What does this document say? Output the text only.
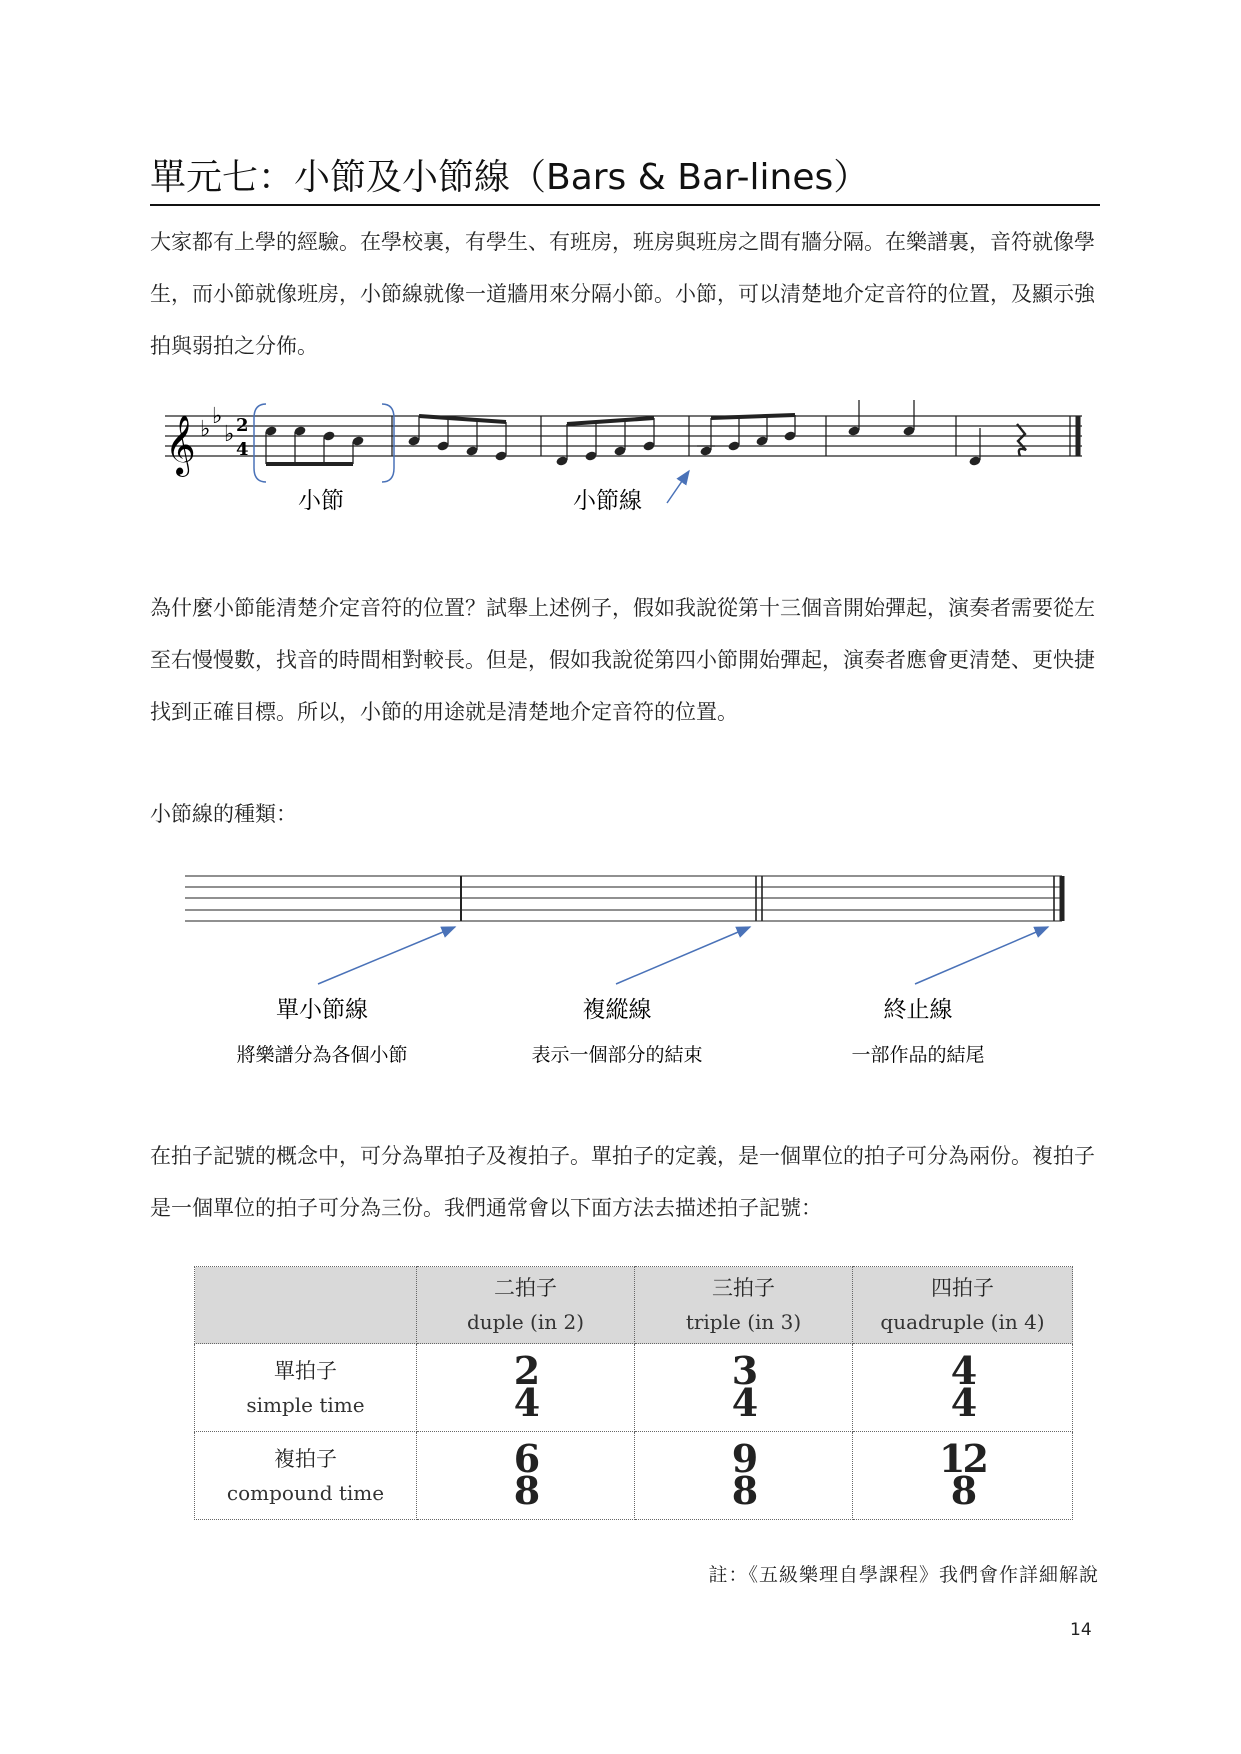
單元七：小節及小節線（Bars & Bar-lines）
大家都有上學的經驗。在學校裏，有學生、有班房，班房與班房之間有牆分隔。在樂譜裏，音符就像學生，而小節就像班房，小節線就像一道牆用來分隔小節。小節，可以清楚地介定音符的位置，及顯示強拍與弱拍之分佈。
𝄞 ♭
♭
♭ 2
4
小節	小節線
單小節線
將樂譜分為各個小節
複縱線
表示一個部分的結束
終止線
一部作品的結尾
為什麼小節能清楚介定音符的位置？試舉上述例子，假如我說從第十三個音開始彈起，演奏者需要從左至右慢慢數，找音的時間相對較長。但是，假如我說從第四小節開始彈起，演奏者應會更清楚、更快捷找到正確目標。所以，小節的用途就是清楚地介定音符的位置。
小節線的種類：
在拍子記號的概念中，可分為單拍子及複拍子。單拍子的定義，是一個單位的拍子可分為兩份。複拍子是一個單位的拍子可分為三份。我們通常會以下面方法去描述拍子記號：

	二拍子
duple (in 2)	三拍子
triple (in 3)	四拍子
quadruple (in 4)

單拍子
simple time	2
4	3
4	4
4

複拍子
compound time	6
8	9
8	12
8
註：《五級樂理自學課程》我們會作詳細解說
14
